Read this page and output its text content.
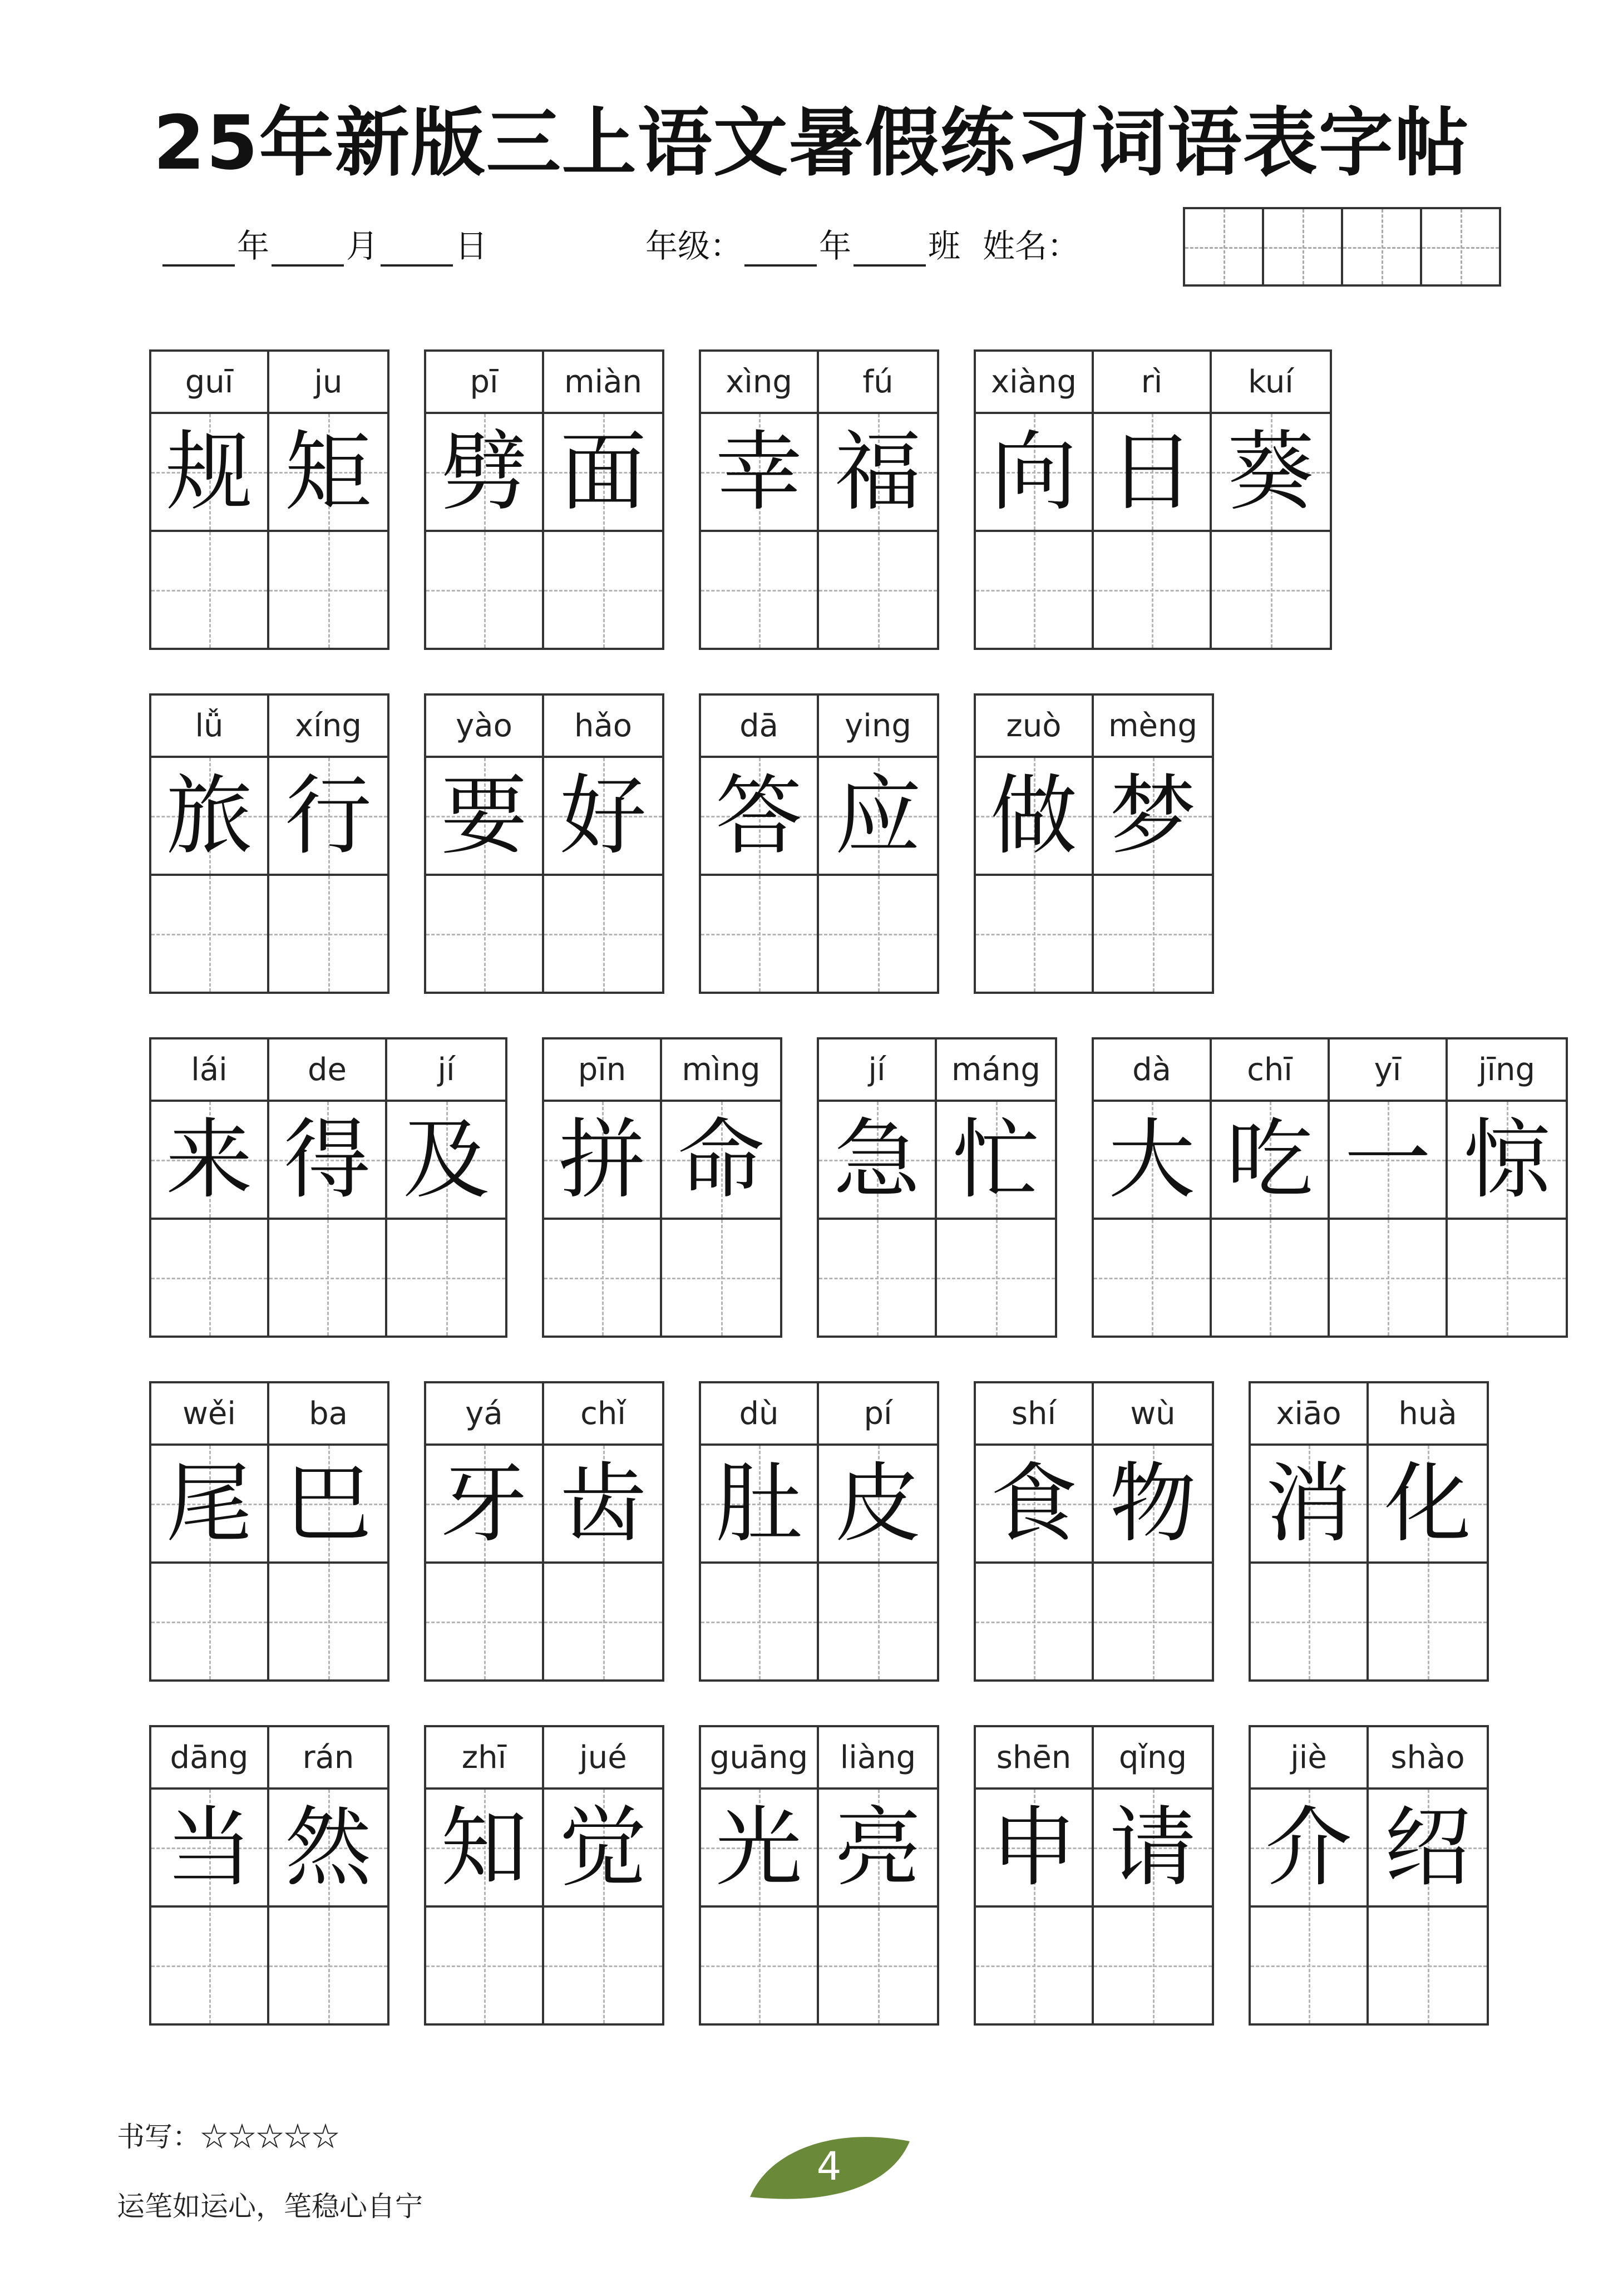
25年新版三上语文暑假练习词语表字帖
年 月 日	年级： 年 班 姓名：
guī
规
ju
矩
pī
劈
miàn
面
xìng
幸
fú
福
xiàng
向
rì
日
kuí
葵
lǚ
旅
xíng
行
yào
要
hǎo
好
dā
答
ying
应
zuò
做
mèng
梦
lái
来
de
得
jí
及
pīn
拼
mìng
命
jí
急
máng
忙
dà
大
chī
吃
yī
一
jīng
惊
wěi
尾
ba
巴
yá
牙
chǐ
齿
dù
肚
pí
皮
shí
食
wù
物
xiāo
消
huà
化
dāng
当
rán
然
zhī
知
jué
觉
guāng
光
liàng
亮
shēn
申
qǐng
请
jiè
介
shào
绍
书写：☆☆☆☆☆
运笔如运心，笔稳心自宁
4
